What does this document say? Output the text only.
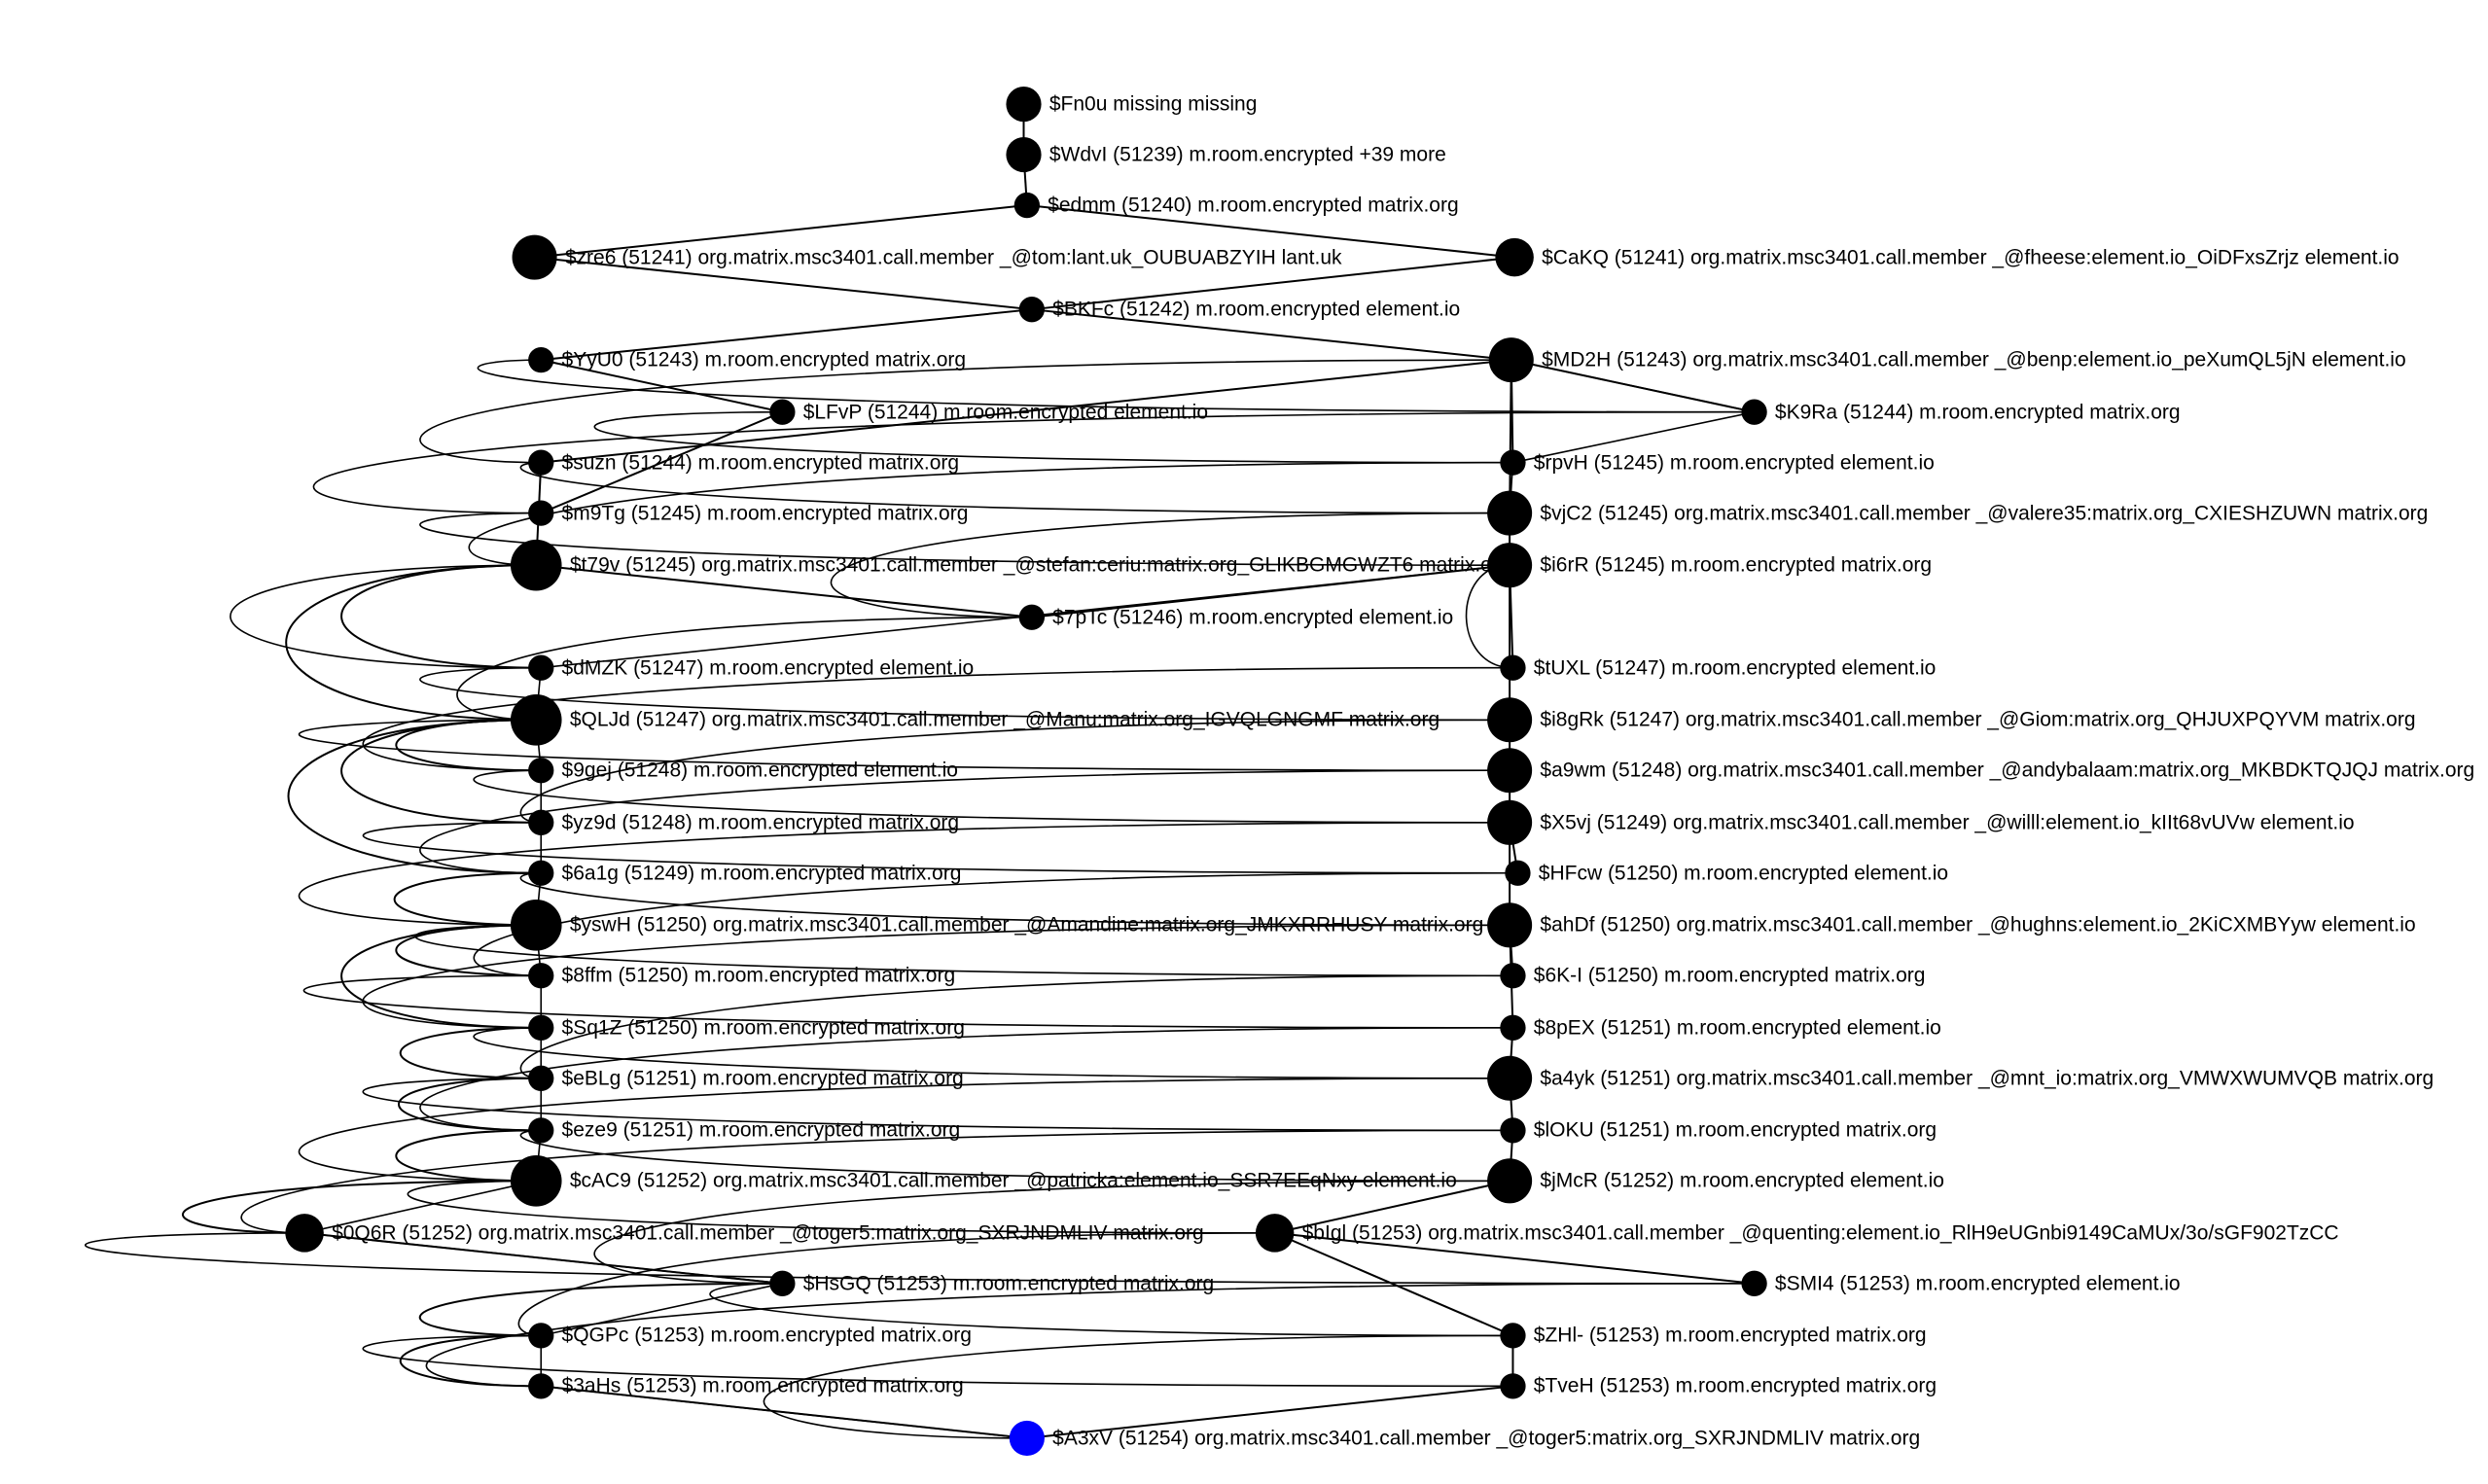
$Fn0u missing missing
$WdvI (51239) m.room.encrypted +39 more
$edmm (51240) m.room.encrypted matrix.org
$zre6 (51241) org.matrix.msc3401.call.member _@tom:lant.uk_OUBUABZYIH lant.uk	$CaKQ (51241) org.matrix.msc3401.call.member _@fheese:element.io_OiDFxsZrjz element.io
$BKFc (51242) m.room.encrypted element.io
$YyU0 (51243) m.room.encrypted matrix.org	$MD2H (51243) org.matrix.msc3401.call.member _@benp:element.io_peXumQL5jN element.io
$LFvP (51244) m.room.encrypted element.io	$K9Ra (51244) m.room.encrypted matrix.org
$suzn (51244) m.room.encrypted matrix.org	$rpvH (51245) m.room.encrypted element.io
$m9Tg (51245) m.room.encrypted matrix.org	$vjC2 (51245) org.matrix.msc3401.call.member _@valere35:matrix.org_CXIESHZUWN matrix.org
$t79v (51245) org.matrix.msc3401.call.member _@stefan:ceriu:matrix.org_GLIKBGMGWZT6 matrix.org $i6rR (51245) m.room.encrypted matrix.org
$7pTc (51246) m.room.encrypted element.io
$dMZK (51247) m.room.encrypted element.io	$tUXL (51247) m.room.encrypted element.io
$QLJd (51247) org.matrix.msc3401.call.member _@Manu:matrix.org_IGVQLGNGMF matrix.org	$i8gRk (51247) org.matrix.msc3401.call.member _@Giom:matrix.org_QHJUXPQYVM matrix.org
$9gej (51248) m.room.encrypted element.io	$a9wm (51248) org.matrix.msc3401.call.member _@andybalaam:matrix.org_MKBDKTQJQJ matrix.org
$yz9d (51248) m.room.encrypted matrix.org	$X5vj (51249) org.matrix.msc3401.call.member _@willl:element.io_kIIt68vUVw element.io
$6a1g (51249) m.room.encrypted matrix.org	$HFcw (51250) m.room.encrypted element.io
$yswH (51250) org.matrix.msc3401.call.member _@Amandine:matrix.org_JMKXRRHUSY matrix.org	$ahDf (51250) org.matrix.msc3401.call.member _@hughns:element.io_2KiCXMBYyw element.io
$8ffm (51250) m.room.encrypted matrix.org	$6K-I (51250) m.room.encrypted matrix.org
$Sq1Z (51250) m.room.encrypted matrix.org	$8pEX (51251) m.room.encrypted element.io
$eBLg (51251) m.room.encrypted matrix.org	$a4yk (51251) org.matrix.msc3401.call.member _@mnt_io:matrix.org_VMWXWUMVQB matrix.org
$eze9 (51251) m.room.encrypted matrix.org	$lOKU (51251) m.room.encrypted matrix.org
$cAC9 (51252) org.matrix.msc3401.call.member _@patricka:element.io_SSR7EEqNxy element.io	$jMcR (51252) m.room.encrypted element.io
$0Q6R (51252) org.matrix.msc3401.call.member _@toger5:matrix.org_SXRJNDMLIV matrix.org	$bIgl (51253) org.matrix.msc3401.call.member _@quenting:element.io_RlH9eUGnbi9149CaMUx/3o/sGF902TzCC
$HsGQ (51253) m.room.encrypted matrix.org	$SMI4 (51253) m.room.encrypted element.io
$QGPc (51253) m.room.encrypted matrix.org	$ZHl- (51253) m.room.encrypted matrix.org
$3aHs (51253) m.room.encrypted matrix.org	$TveH (51253) m.room.encrypted matrix.org
$A3xV (51254) org.matrix.msc3401.call.member _@toger5:matrix.org_SXRJNDMLIV matrix.org
